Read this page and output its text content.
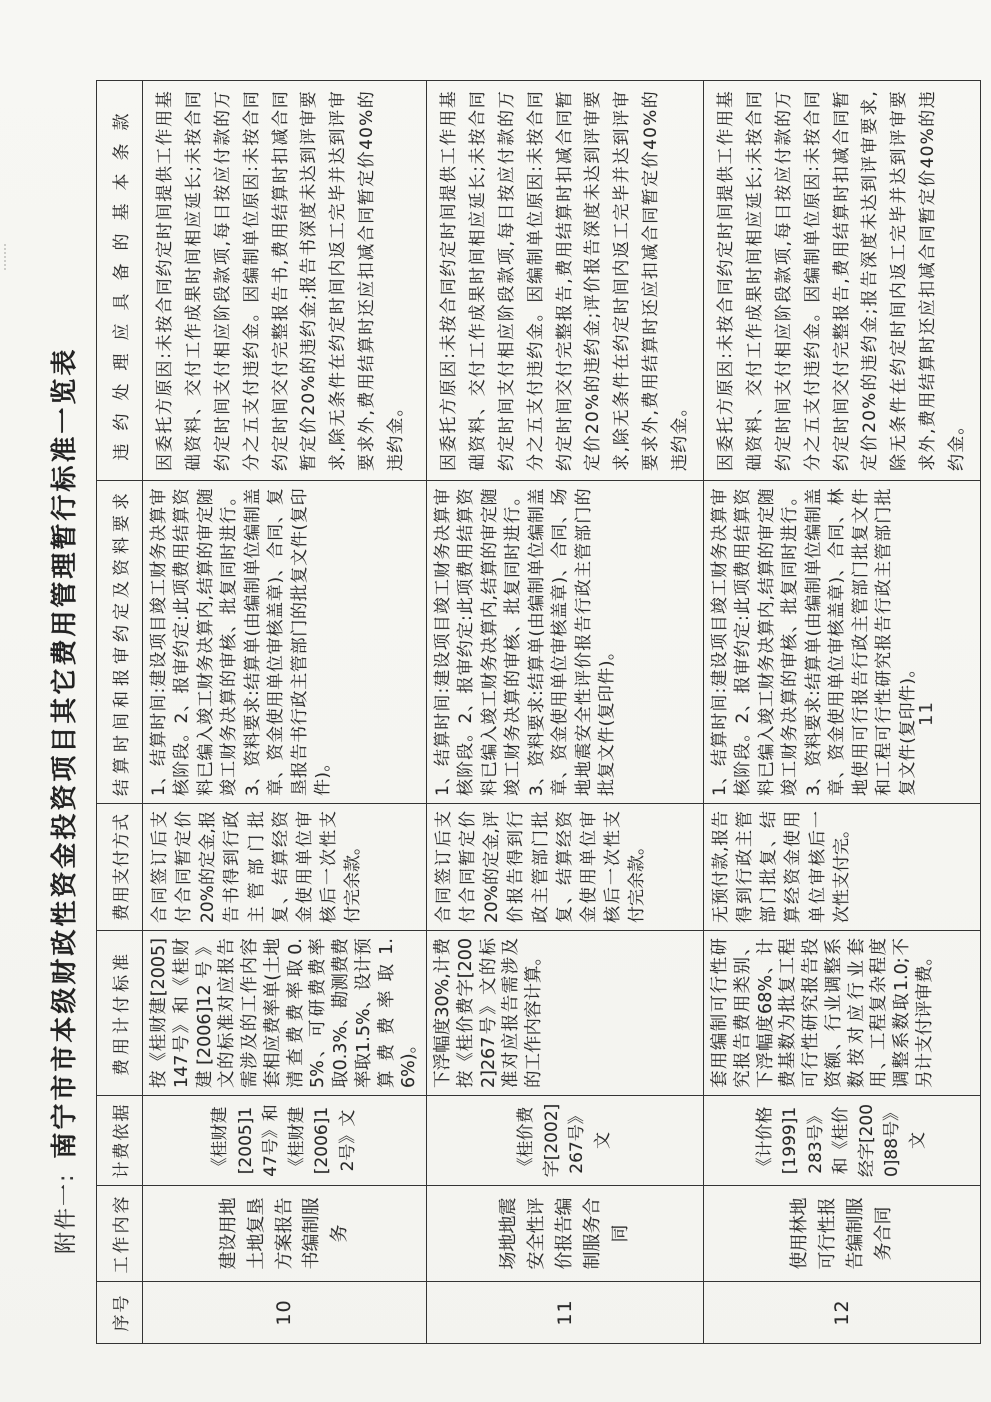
附件一:南宁市市本级财政性资金投资项目其它费用管理暂行标准一览表
序号	工作内容	计费依据	费用计付标准	费用支付方式	结算时间和报审约定及资料要求	违约处理应具备的基本条款
10	建设用地土地复垦方案报告书编制服务	《桂财建[2005]147号》和《桂财建[2006]12号》文	按《桂财建[2005]147号》和《桂财建[2006]12号》文的标准对应报告需涉及的工作内容套相应费率单(土地清查费费率取0.5%、可研费费率取0.3%、勘测费费率取1.5%、设计预算费费率取1.6%)。	合同签订后支付合同暂定价20%的定金,报告书得到行政主管部门批复、结算经资金使用单位审核后一次性支付完余款。	1、结算时间:建设项目竣工财务决算审核阶段。2、报审约定:此项费用结算资料已编入竣工财务决算内,结算的审定随竣工财务决算的审核、批复同时进行。3、资料要求:结算单(由编制单位编制盖章、资金使用单位审核盖章)、合同、复垦报告书行政主管部门的批复文件(复印件)。	因委托方原因:未按合同约定时间提供工作用基础资料、交付工作成果时间相应延长;未按合同约定时间支付相应阶段款项,每日按应付款的万分之五支付违约金。因编制单位原因:未按合同约定时间交付完整报告书,费用结算时扣减合同暂定价20%的违约金;报告书深度未达到评审要求,除无条件在约定时间内返工完毕并达到评审要求外,费用结算时还应扣减合同暂定价40%的违约金。
11	场地地震安全性评价报告编制服务合同	《桂价费字[2002]267号》文	下浮幅度30%,计费按《桂价费字[2002]267号》文的标准对应报告需涉及的工作内容计算。	合同签订后支付合同暂定价20%的定金,评价报告得到行政主管部门批复、结算经资金使用单位审核后一次性支付完余款。	1、结算时间:建设项目竣工财务决算审核阶段。2、报审约定:此项费用结算资料已编入竣工财务决算内,结算的审定随竣工财务决算的审核、批复同时进行。3、资料要求:结算单(由编制单位编制盖章、资金使用单位审核盖章)、合同、场地地震安全性评价报告行政主管部门的批复文件(复印件)。	因委托方原因:未按合同约定时间提供工作用基础资料、交付工作成果时间相应延长;未按合同约定时间支付相应阶段款项,每日按应付款的万分之五支付违约金。因编制单位原因:未按合同约定时间交付完整报告,费用结算时扣减合同暂定价20%的违约金;评价报告深度未达到评审要求,除无条件在约定时间内返工完毕并达到评审要求外,费用结算时还应扣减合同暂定价40%的违约金。
12	使用林地可行性报告编制服务合同	《计价格[1999]1283号》和《桂价经字[2000]88号》文	套用编制可行性研究报告费用类别、下浮幅度68%、计费基数为批复工程可行性研究报告投资额、行业调整系数按对应行业套用、工程复杂程度调整系数取1.0;不另计支付评审费。	无预付款,报告得到行政主管部门批复、结算经资金使用单位审核后一次性支付完。	1、结算时间:建设项目竣工财务决算审核阶段。2、报审约定:此项费用结算资料已编入竣工财务决算内,结算的审定随竣工财务决算的审核、批复同时进行。3、资料要求:结算单(由编制单位编制盖章、资金使用单位审核盖章)、合同、林地使用可行报告行政主管部门批复文件和工程可行性研究报告行政主管部门批复文件(复印件)。	因委托方原因:未按合同约定时间提供工作用基础资料、交付工作成果时间相应延长;未按合同约定时间支付相应阶段款项,每日按应付款的万分之五支付违约金。因编制单位原因:未按合同约定时间交付完整报告,费用结算时扣减合同暂定价20%的违约金;报告深度未达到评审要求,除无条件在约定时间内返工完毕并达到评审要求外,费用结算时还应扣减合同暂定价40%的违约金。
11
